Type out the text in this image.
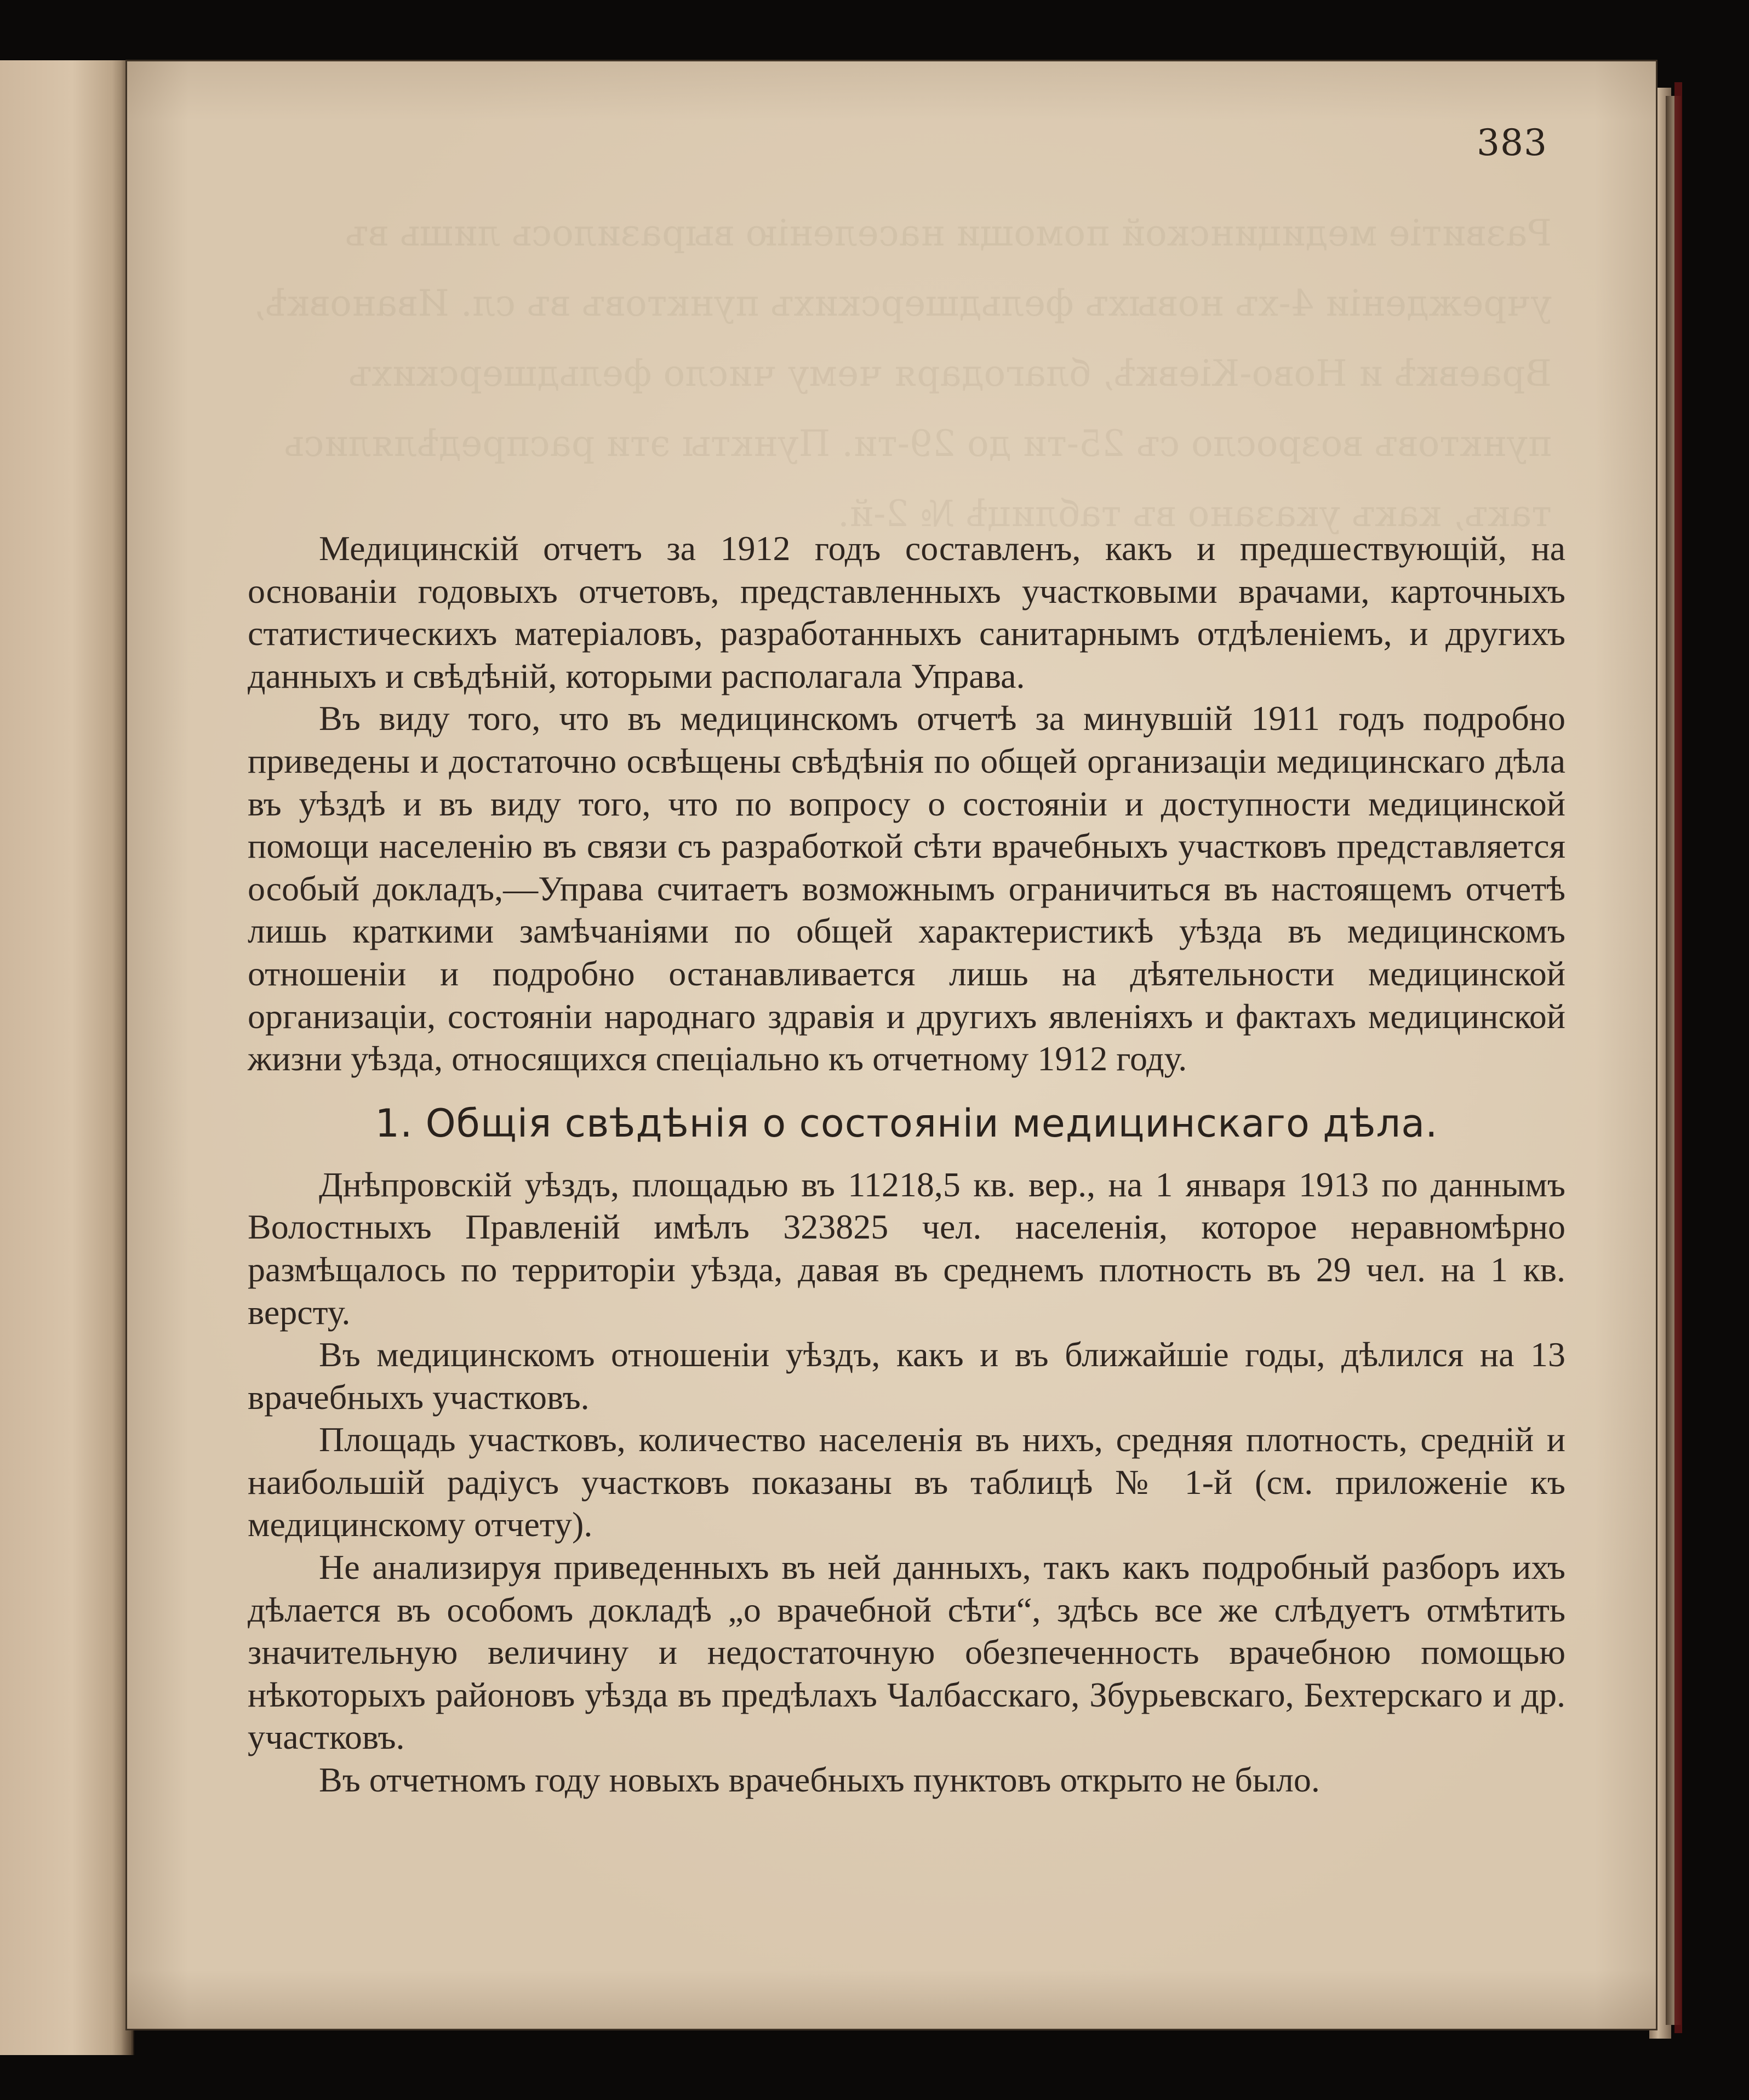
Развитіе медицинской помощи населенію выразилось лишь въ учрежденіи 4-хъ новыхъ фельдшерскихъ пунктовъ въ сл. Ивановкѣ, Враевкѣ и Ново-Кіевкѣ, благодаря чему число фельдшерскихъ пунктовъ возросло съ 25-ти до 29-ти. Пункты эти распредѣлялись такъ, какъ указано въ таблицѣ № 2-й.
383

Медицинскій отчетъ за 1912 годъ составленъ, какъ и предшествующій, на основаніи годовыхъ отчетовъ, представленныхъ участковыми врачами, карточныхъ статистическихъ матеріаловъ, разработанныхъ санитарнымъ отдѣленіемъ, и другихъ данныхъ и свѣдѣній, которыми располагала Управа.

Въ виду того, что въ медицинскомъ отчетѣ за минувшій 1911 годъ подробно приведены и достаточно освѣщены свѣдѣнія по общей организаціи медицинскаго дѣла въ уѣздѣ и въ виду того, что по вопросу о состояніи и доступности медицинской помощи населенію въ связи съ разработкой сѣти врачебныхъ участковъ представляется особый докладъ,—Управа считаетъ возможнымъ ограничиться въ настоящемъ отчетѣ лишь краткими замѣчаніями по общей характеристикѣ уѣзда въ медицинскомъ отношеніи и подробно останавливается лишь на дѣятельности медицинской организаціи, состояніи народнаго здравія и другихъ явленіяхъ и фактахъ медицинской жизни уѣзда, относящихся спеціально къ отчетному 1912 году.

1. Общія свѣдѣнія о состояніи медицинскаго дѣла.

Днѣпровскій уѣздъ, площадью въ 11218,5 кв. вер., на 1 января 1913 по даннымъ Волостныхъ Правленій имѣлъ 323825 чел. населенія, которое неравномѣрно размѣщалось по территоріи уѣзда, давая въ среднемъ плотность въ 29 чел. на 1 кв. версту.

Въ медицинскомъ отношеніи уѣздъ, какъ и въ ближайшіе годы, дѣлился на 13 врачебныхъ участковъ.

Площадь участковъ, количество населенія въ нихъ, средняя плотность, средній и наибольшій радіусъ участковъ показаны въ таблицѣ № 1-й (см. приложеніе къ медицинскому отчету).

Не анализируя приведенныхъ въ ней данныхъ, такъ какъ подробный разборъ ихъ дѣлается въ особомъ докладѣ „о врачебной сѣти“, здѣсь все же слѣдуетъ отмѣтить значительную величину и недостаточную обезпеченность врачебною помощью нѣкоторыхъ районовъ уѣзда въ предѣлахъ Чалбасскаго, Збурьевскаго, Бехтерскаго и др. участковъ.

Въ отчетномъ году новыхъ врачебныхъ пунктовъ открыто не было.
